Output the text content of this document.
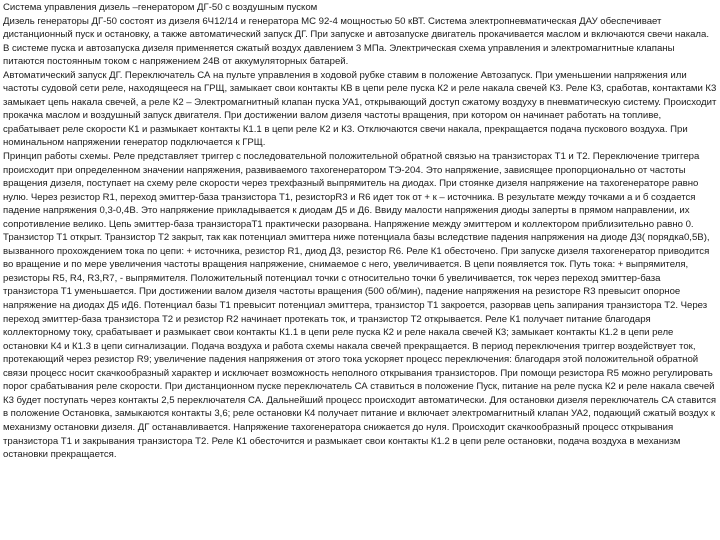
Система управления дизель –генератором ДГ-50 с воздушным пуском

Дизель генераторы ДГ-50 состоят из дизеля 6Ч12/14 и генератора МС 92-4 мощностью 50 кВТ. Система электропневматическая ДАУ обеспечивает дистанционный пуск и остановку, а также автоматический запуск ДГ. При запуске и автозапуске двигатель прокачивается маслом и включаются свечи накала. В системе пуска и автозапуска дизеля применяется сжатый воздух давлением 3 МПа. Электрическая схема управления и электромагнитные клапаны питаются постоянным током с напряжением 24В от аккумуляторных батарей.

Автоматический запуск ДГ. Переключатель СА на пульте управления в ходовой рубке ставим в положение Автозапуск. При уменьшении напряжения или частоты судовой сети реле, находящееся на ГРЩ, замыкает свои контакты КВ в цепи реле пуска К2 и реле накала свечей К3. Реле К3, сработав, контактами К3 замыкает цепь накала свечей, а реле К2 – Электромагнитный клапан пуска УА1, открывающий доступ сжатому воздуху в пневматическую систему. Происходит прокачка маслом и воздушный запуск двигателя. При достижении валом дизеля частоты вращения, при котором он начинает работать на топливе, срабатывает реле скорости К1 и размыкает контакты К1.1 в цепи реле К2 и К3. Отключаются свечи накала, прекращается подача пускового воздуха. При номинальном напряжении генератор подключается к ГРЩ.

Принцип работы схемы. Реле представляет триггер с последовательной положительной обратной связью на транзисторах Т1 и Т2. Переключение триггера происходит при определенном значении напряжения, развиваемого тахогенератором ТЭ-204. Это напряжение, зависящее пропорционально от частоты вращения дизеля, поступает на схему реле скорости через трехфазный выпрямитель на диодах. При стоянке дизеля напряжение на тахогенераторе равно нулю. Через резистор R1, переход эмиттер-база транзистора Т1, резисторR3 и R6 идет ток от + к – источника. В результате между точками а и б создается падение напряжения 0,3-0,4В. Это напряжение прикладывается к диодам Д5 и Д6. Ввиду малости напряжения диоды заперты в прямом направлении, их сопротивление велико. Цепь эмиттер-база транзистораТ1 практически разорвана. Напряжение между эмиттером и коллектором приблизительно равно 0. Транзистор Т1 открыт. Транзистор Т2 закрыт, так как потенциал эмиттера ниже потенциала базы вследствие падения напряжения на диоде Д3( порядка0,5В), вызванного прохождением тока по цепи: + источника, резистор R1, диод Д3, резистор R6. Реле К1 обесточено. При запуске дизеля тахогенератор приводится во вращение и по мере увеличения частоты вращения напряжение, снимаемое с него, увеличивается. В цепи появляется ток. Путь тока: + выпрямителя, резисторы R5, R4, R3,R7, - выпрямителя. Положительный потенциал точки с относительно точки б увеличивается, ток через переход эмиттер-база транзистора Т1 уменьшается. При достижении валом дизеля частоты вращения (500 об/мин), падение напряжения на резисторе R3 превысит опорное напряжение на диодах Д5 иД6. Потенциал базы Т1 превысит потенциал эмиттера, транзистор Т1 закроется, разорвав цепь запирания транзистора Т2. Через переход эмиттер-база транзистора Т2 и резистор R2 начинает протекать ток, и транзистор Т2 открывается. Реле К1 получает питание благодаря коллекторному току, срабатывает и размыкает свои контакты К1.1 в цепи реле пуска К2 и реле накала свечей К3; замыкает контакты К1.2 в цепи реле остановки К4 и К1.3 в цепи сигнализации. Подача воздуха и работа схемы накала свечей прекращается. В период переключения триггер воздействует ток, протекающий через резистор R9; увеличение падения напряжения от этого тока ускоряет процесс переключения: благодаря этой положительной обратной связи процесс носит скачкообразный характер и исключает возможность неполного открывания транзисторов. При помощи резистора R5 можно регулировать порог срабатывания реле скорости. При дистанционном пуске переключатель СА ставиться в положение Пуск, питание на реле пуска К2 и реле накала свечей К3 будет поступать через контакты 2,5 переключателя СА. Дальнейший процесс происходит автоматически. Для остановки дизеля переключатель СА ставится в положение Остановка, замыкаются контакты 3,6; реле остановки К4 получает питание и включает электромагнитный клапан УА2, подающий сжатый воздух к механизму остановки дизеля. ДГ останавливается. Напряжение тахогенератора снижается до нуля. Происходит скачкообразный процесс открывания транзистора Т1 и закрывания транзистора Т2. Реле К1 обесточится и размыкает свои контакты К1.2 в цепи реле остановки, подача воздуха в механизм остановки прекращается.
